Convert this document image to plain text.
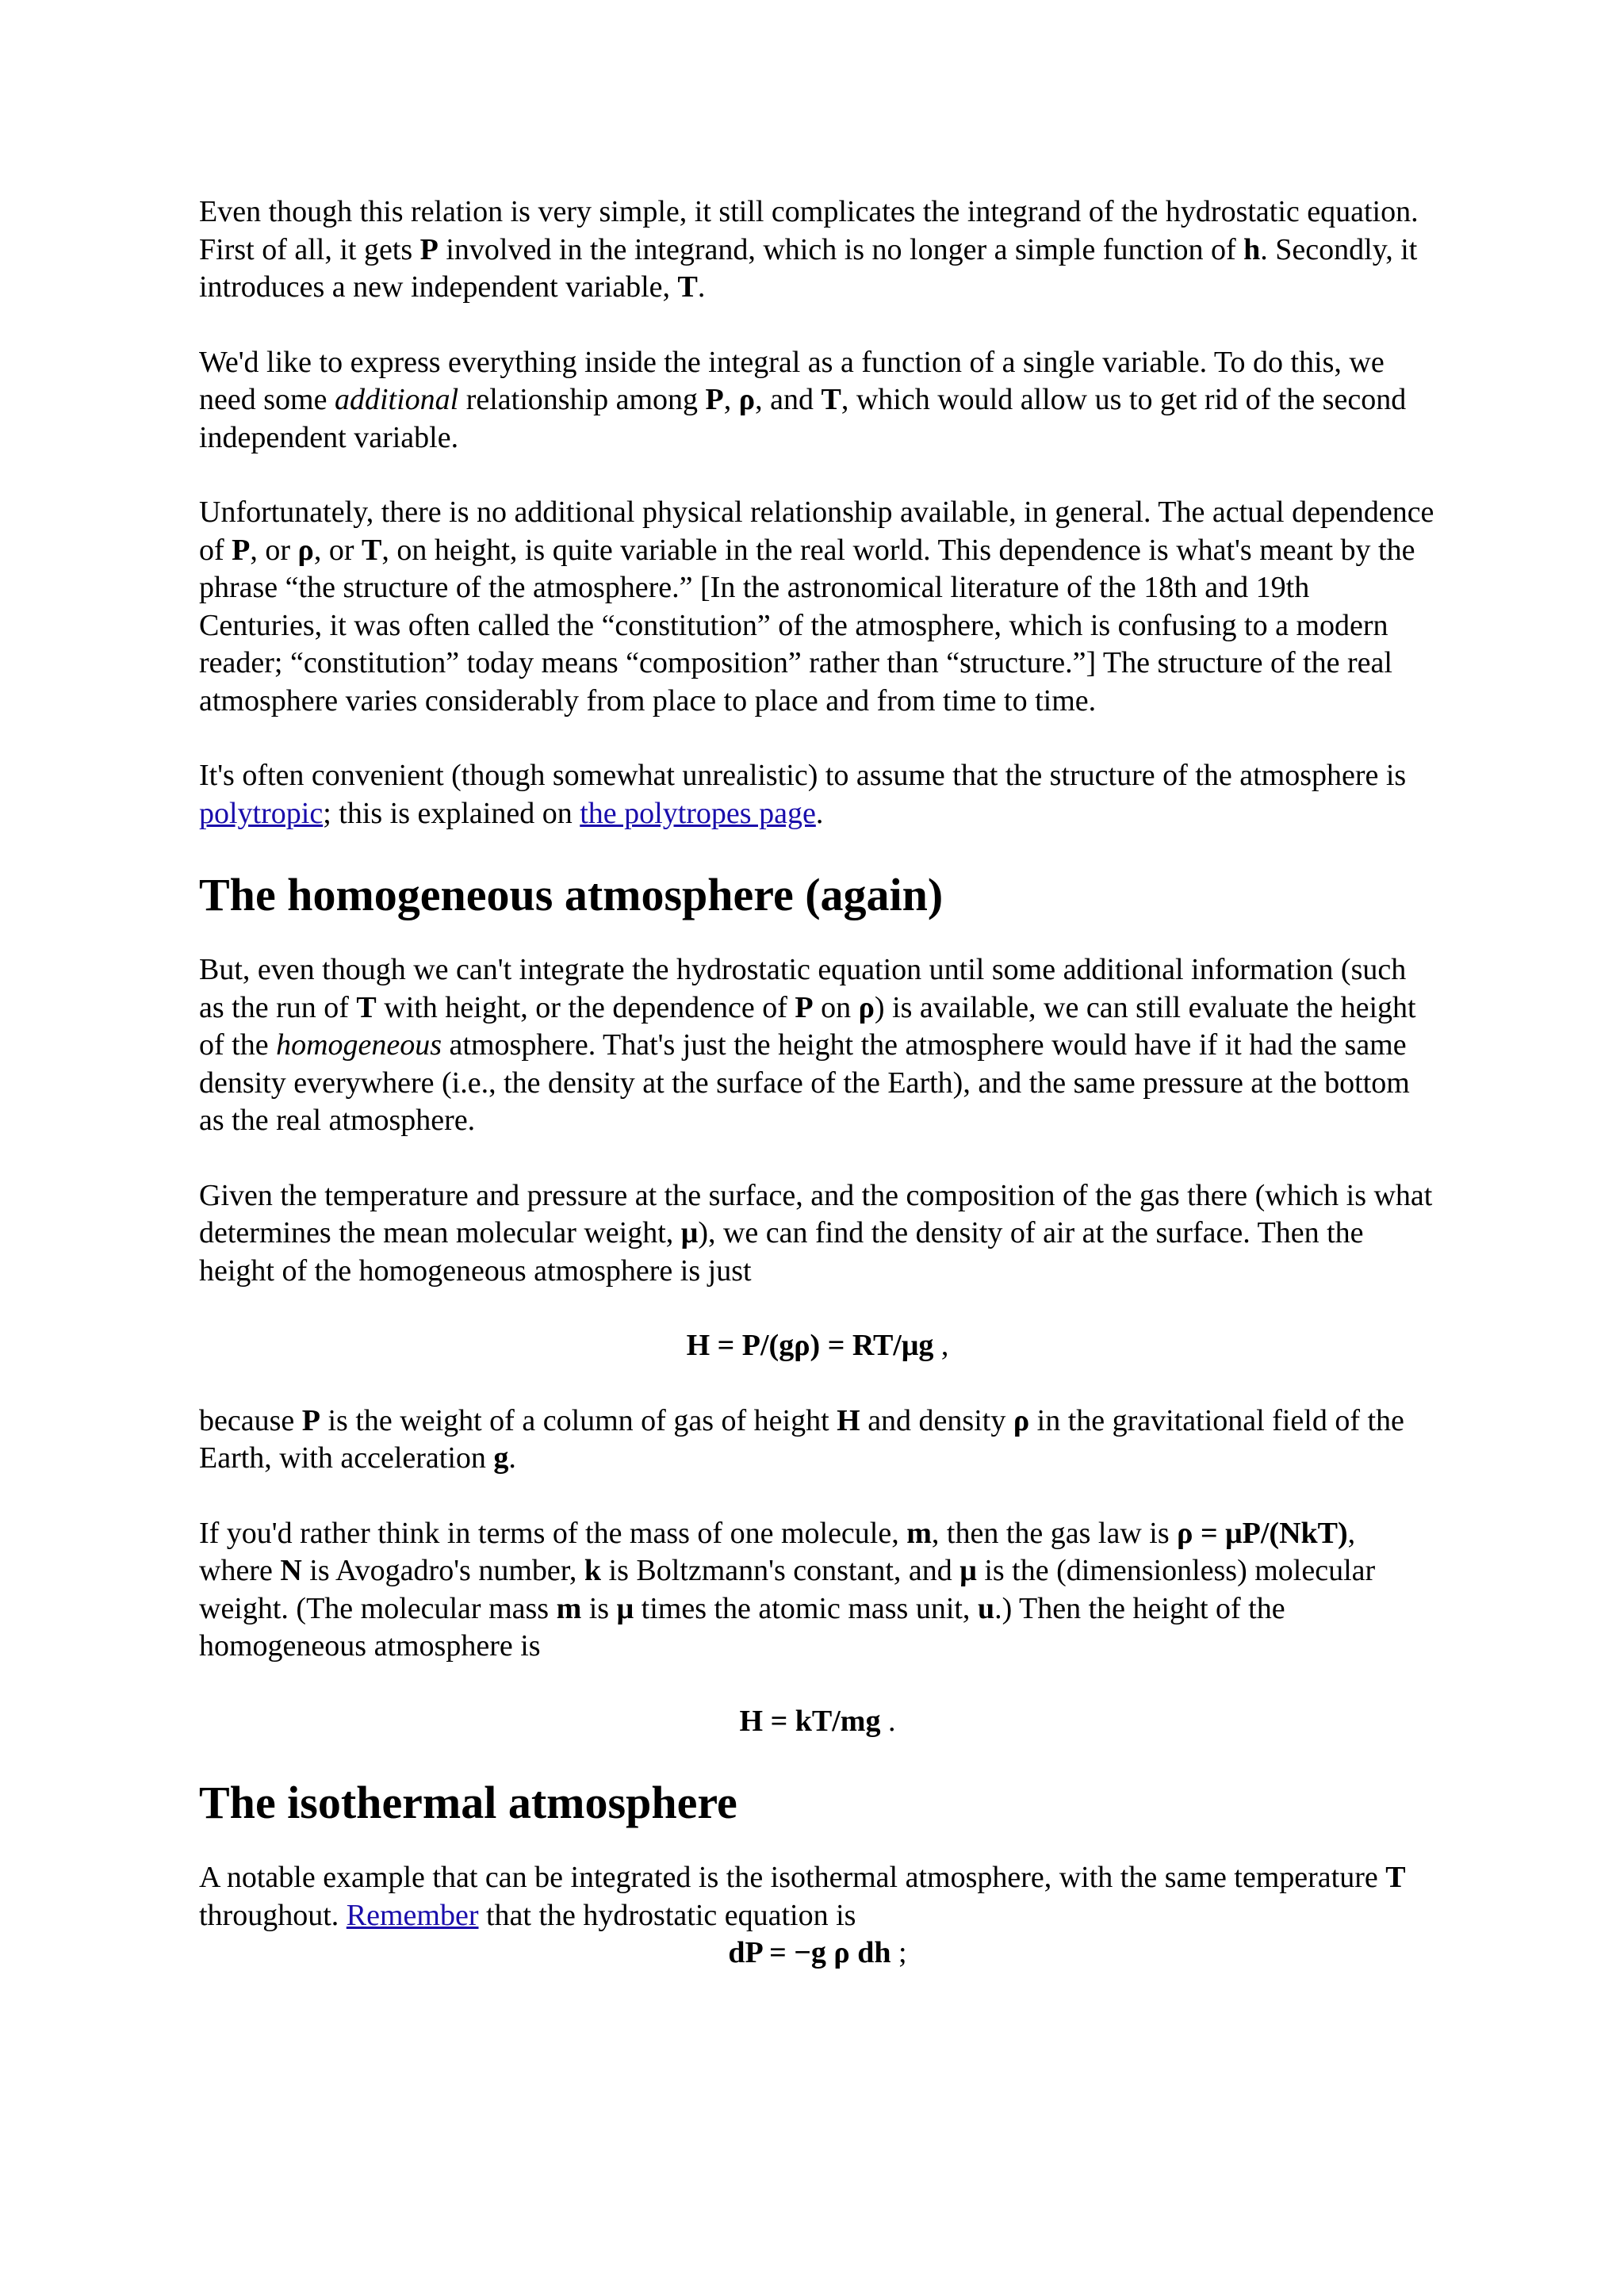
Even though this relation is very simple, it still complicates the integrand of the hydrostatic equation. First of all, it gets P involved in the integrand, which is no longer a simple function of h. Secondly, it introduces a new independent variable, T.

We'd like to express everything inside the integral as a function of a single variable. To do this, we need some additional relationship among P, ρ, and T, which would allow us to get rid of the second independent variable.

Unfortunately, there is no additional physical relationship available, in general. The actual dependence of P, or ρ, or T, on height, is quite variable in the real world. This dependence is what's meant by the phrase “the structure of the atmosphere.” [In the astronomical literature of the 18th and 19th Centuries, it was often called the “constitution” of the atmosphere, which is confusing to a modern reader; “constitution” today means “composition” rather than “structure.”] The structure of the real atmosphere varies considerably from place to place and from time to time.

It's often convenient (though somewhat unrealistic) to assume that the structure of the atmosphere is polytropic; this is explained on the polytropes page.

The homogeneous atmosphere (again)

But, even though we can't integrate the hydrostatic equation until some additional information (such as the run of T with height, or the dependence of P on ρ) is available, we can still evaluate the height of the homogeneous atmosphere. That's just the height the atmosphere would have if it had the same density everywhere (i.e., the density at the surface of the Earth), and the same pressure at the bottom as the real atmosphere.

Given the temperature and pressure at the surface, and the composition of the gas there (which is what determines the mean molecular weight, μ), we can find the density of air at the surface. Then the height of the homogeneous atmosphere is just

H = P/(gρ) = RT/μg ,

because P is the weight of a column of gas of height H and density ρ in the gravitational field of the Earth, with acceleration g.

If you'd rather think in terms of the mass of one molecule, m, then the gas law is ρ = μP/(NkT), where N is Avogadro's number, k is Boltzmann's constant, and μ is the (dimensionless) molecular weight. (The molecular mass m is μ times the atomic mass unit, u.) Then the height of the homogeneous atmosphere is

H = kT/mg .

The isothermal atmosphere

A notable example that can be integrated is the isothermal atmosphere, with the same temperature T throughout. Remember that the hydrostatic equation is

dP = −g ρ dh ;
